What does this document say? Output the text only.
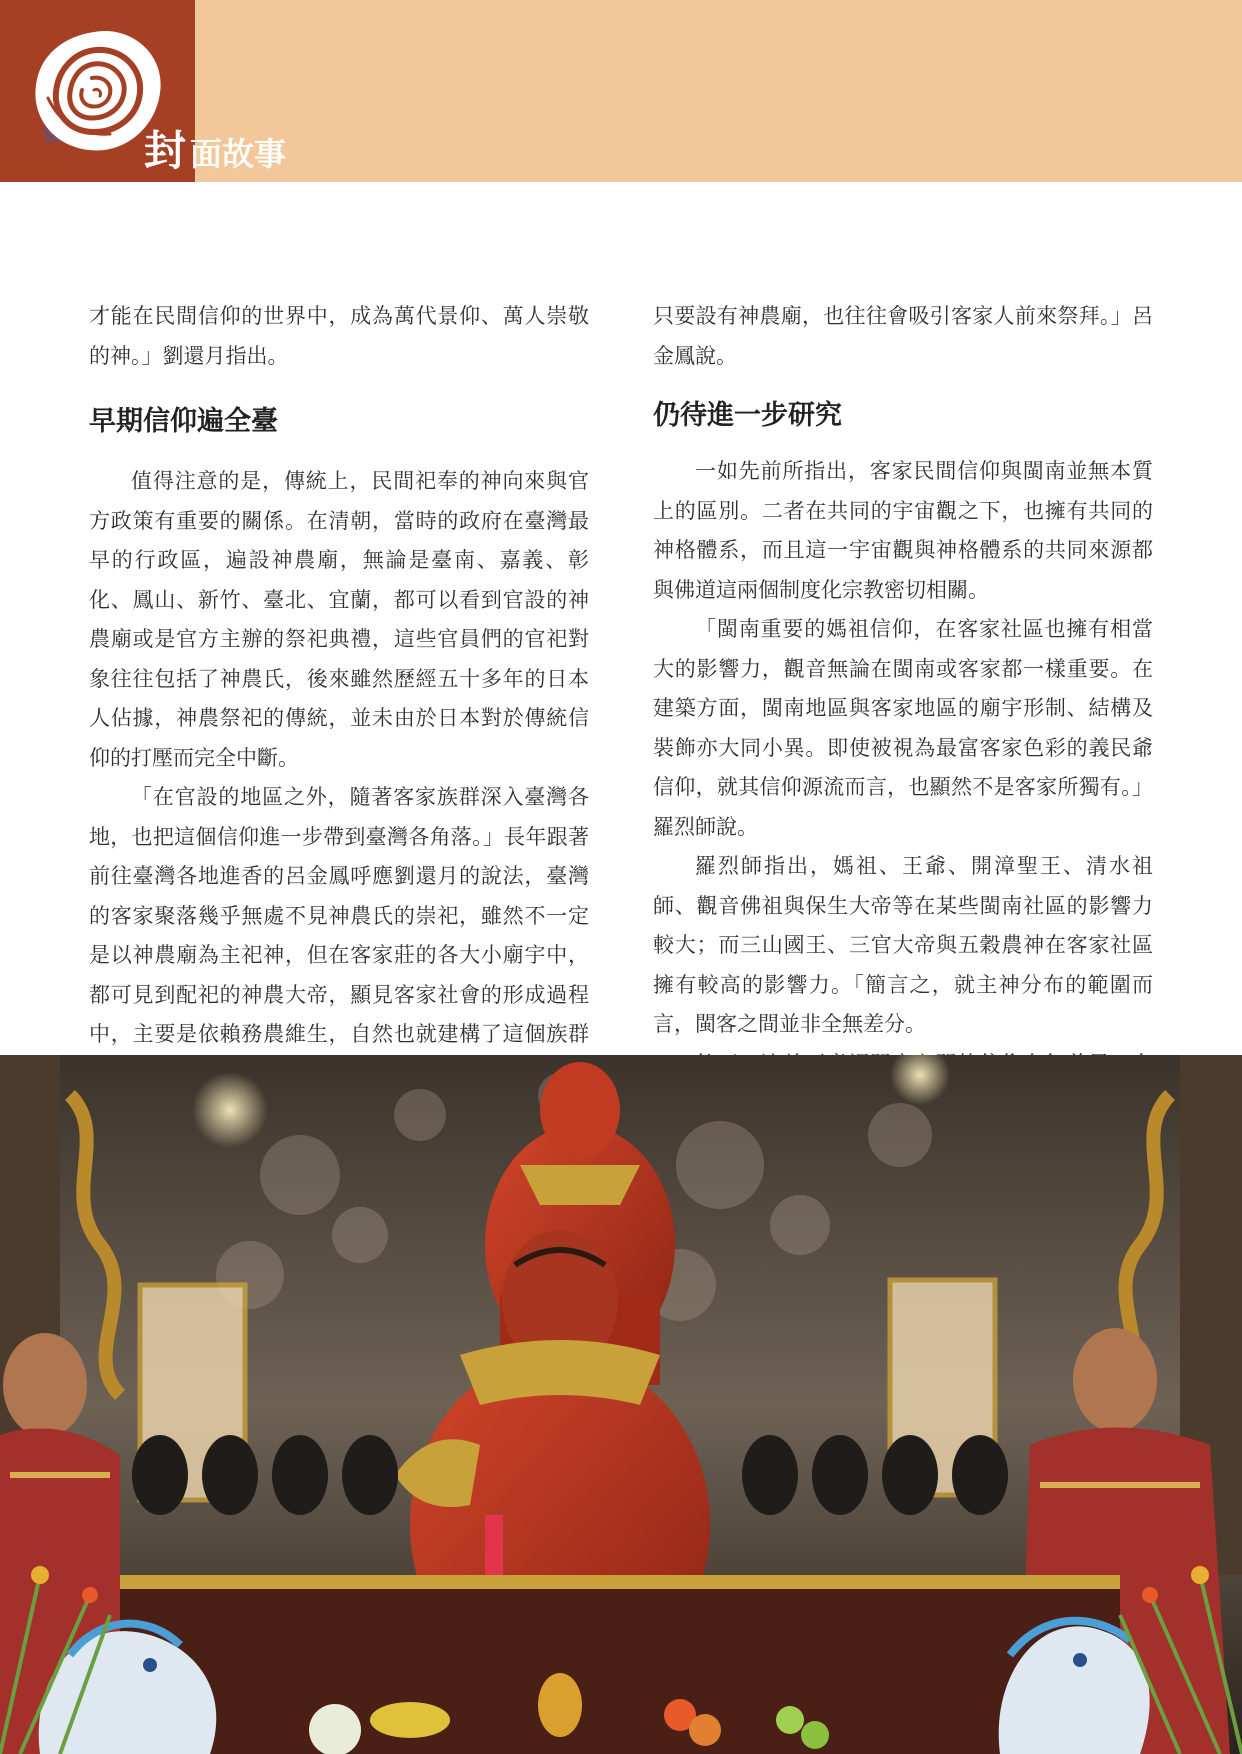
封 面故事

才能在民間信仰的世界中，成為萬代景仰、萬人崇敬的神。」劉還月指出。

早期信仰遍全臺

值得注意的是，傳統上，民間祀奉的神向來與官方政策有重要的關係。在清朝，當時的政府在臺灣最早的行政區，遍設神農廟，無論是臺南、嘉義、彰化、鳳山、新竹、臺北、宜蘭，都可以看到官設的神農廟或是官方主辦的祭祀典禮，這些官員們的官祀對象往往包括了神農氏，後來雖然歷經五十多年的日本人佔據，神農祭祀的傳統，並未由於日本對於傳統信仰的打壓而完全中斷。

「在官設的地區之外，隨著客家族群深入臺灣各地，也把這個信仰進一步帶到臺灣各角落。」長年跟著前往臺灣各地進香的呂金鳳呼應劉還月的說法，臺灣的客家聚落幾乎無處不見神農氏的崇祀，雖然不一定是以神農廟為主祀神，但在客家莊的各大小廟宇中，都可見到配祀的神農大帝，顯見客家社會的形成過程中，主要是依賴務農維生，自然也就建構了這個族群

只要設有神農廟，也往往會吸引客家人前來祭拜。」呂金鳳說。

仍待進一步研究

一如先前所指出，客家民間信仰與閩南並無本質上的區別。二者在共同的宇宙觀之下，也擁有共同的神格體系，而且這一宇宙觀與神格體系的共同來源都與佛道這兩個制度化宗教密切相關。

「閩南重要的媽祖信仰，在客家社區也擁有相當大的影響力，觀音無論在閩南或客家都一樣重要。在建築方面，閩南地區與客家地區的廟宇形制、結構及裝飾亦大同小異。即使被視為最富客家色彩的義民爺信仰，就其信仰源流而言，也顯然不是客家所獨有。」羅烈師說。

羅烈師指出，媽祖、王爺、開漳聖王、清水祖師、觀音佛祖與保生大帝等在某些閩南社區的影響力較大；而三山國王、三官大帝與五穀農神在客家社區擁有較高的影響力。「簡言之，就主神分布的範圍而言，閩客之間並非全無差分。
